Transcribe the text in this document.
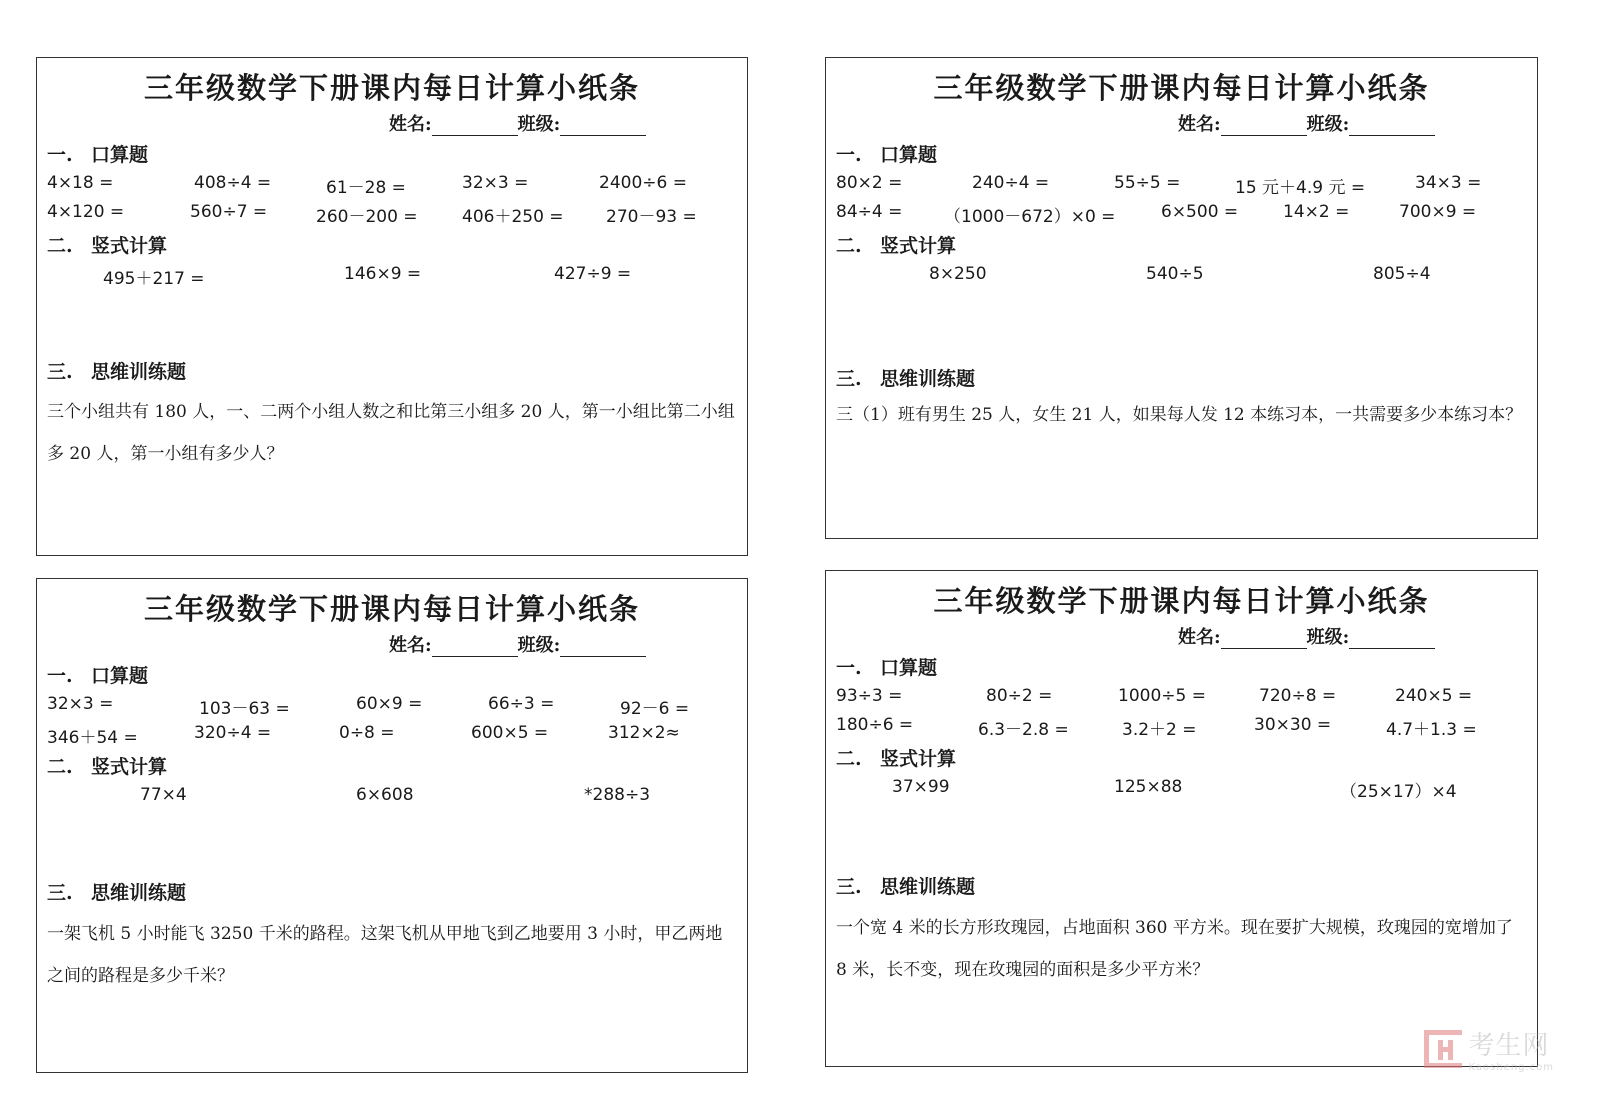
三年级数学下册课内每日计算小纸条
姓名:	班级:
一. 口算题
4×18 =	408÷4 =	61－28 =	32×3 =	2400÷6 =
4×120 =	560÷7 =	260－200 =	406＋250 = 270－93 =
二. 竖式计算
495＋217 =	146×9 =	427÷9 =
三. 思维训练题
三个小组共有 180 人，一、二两个小组人数之和比第三小组多 20 人，第一小组比第二小组多 20 人，第一小组有多少人？
三年级数学下册课内每日计算小纸条
姓名:	班级:
一. 口算题
80×2 =	240÷4 =	55÷5 =	15 元＋4.9 元 =	34×3 =
84÷4 = （1000－672）×0 =	6×500 =	14×2 =	700×9 =
二. 竖式计算
8×250	540÷5	805÷4
三. 思维训练题
三（1）班有男生 25 人，女生 21 人，如果每人发 12 本练习本，一共需要多少本练习本？
三年级数学下册课内每日计算小纸条
姓名:	班级:
一. 口算题
32×3 =	103－63 =	60×9 =	66÷3 =	92－6 =
346＋54 =	320÷4 =	0÷8 =	600×5 =	312×2≈
二. 竖式计算
77×4	6×608	*288÷3
三. 思维训练题
一架飞机 5 小时能飞 3250 千米的路程。这架飞机从甲地飞到乙地要用 3 小时，甲乙两地之间的路程是多少千米？
三年级数学下册课内每日计算小纸条
姓名:	班级:
一. 口算题
93÷3 =	80÷2 =	1000÷5 =	720÷8 =	240×5 =
180÷6 =	6.3－2.8 =	3.2＋2 =	30×30 =	4.7＋1.3 =
二. 竖式计算
37×99	125×88	（25×17）×4
三. 思维训练题
一个宽 4 米的长方形玫瑰园，占地面积 360 平方米。现在要扩大规模，玫瑰园的宽增加了 8 米，长不变，现在玫瑰园的面积是多少平方米？
考生网
Kaosheng.com
